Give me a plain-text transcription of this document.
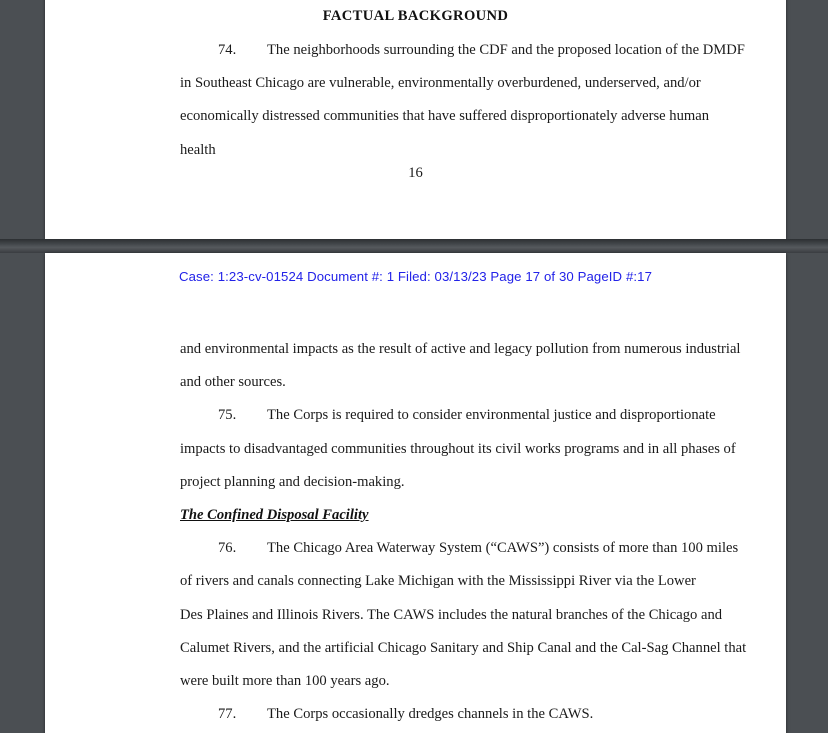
FACTUAL BACKGROUND

74. The neighborhoods surrounding the CDF and the proposed location of the DMDF
in Southeast Chicago are vulnerable, environmentally overburdened, underserved, and/or
economically distressed communities that have suffered disproportionately adverse human health

16
Case: 1:23-cv-01524 Document #: 1 Filed: 03/13/23 Page 17 of 30 PageID #:17

and environmental impacts as the result of active and legacy pollution from numerous industrial
and other sources.

75. The Corps is required to consider environmental justice and disproportionate
impacts to disadvantaged communities throughout its civil works programs and in all phases of
project planning and decision-making.

The Confined Disposal Facility

76. The Chicago Area Waterway System (“CAWS”) consists of more than 100 miles
of rivers and canals connecting Lake Michigan with the Mississippi River via the Lower
Des Plaines and Illinois Rivers. The CAWS includes the natural branches of the Chicago and
Calumet Rivers, and the artificial Chicago Sanitary and Ship Canal and the Cal-Sag Channel that
were built more than 100 years ago.

77. The Corps occasionally dredges channels in the CAWS.
